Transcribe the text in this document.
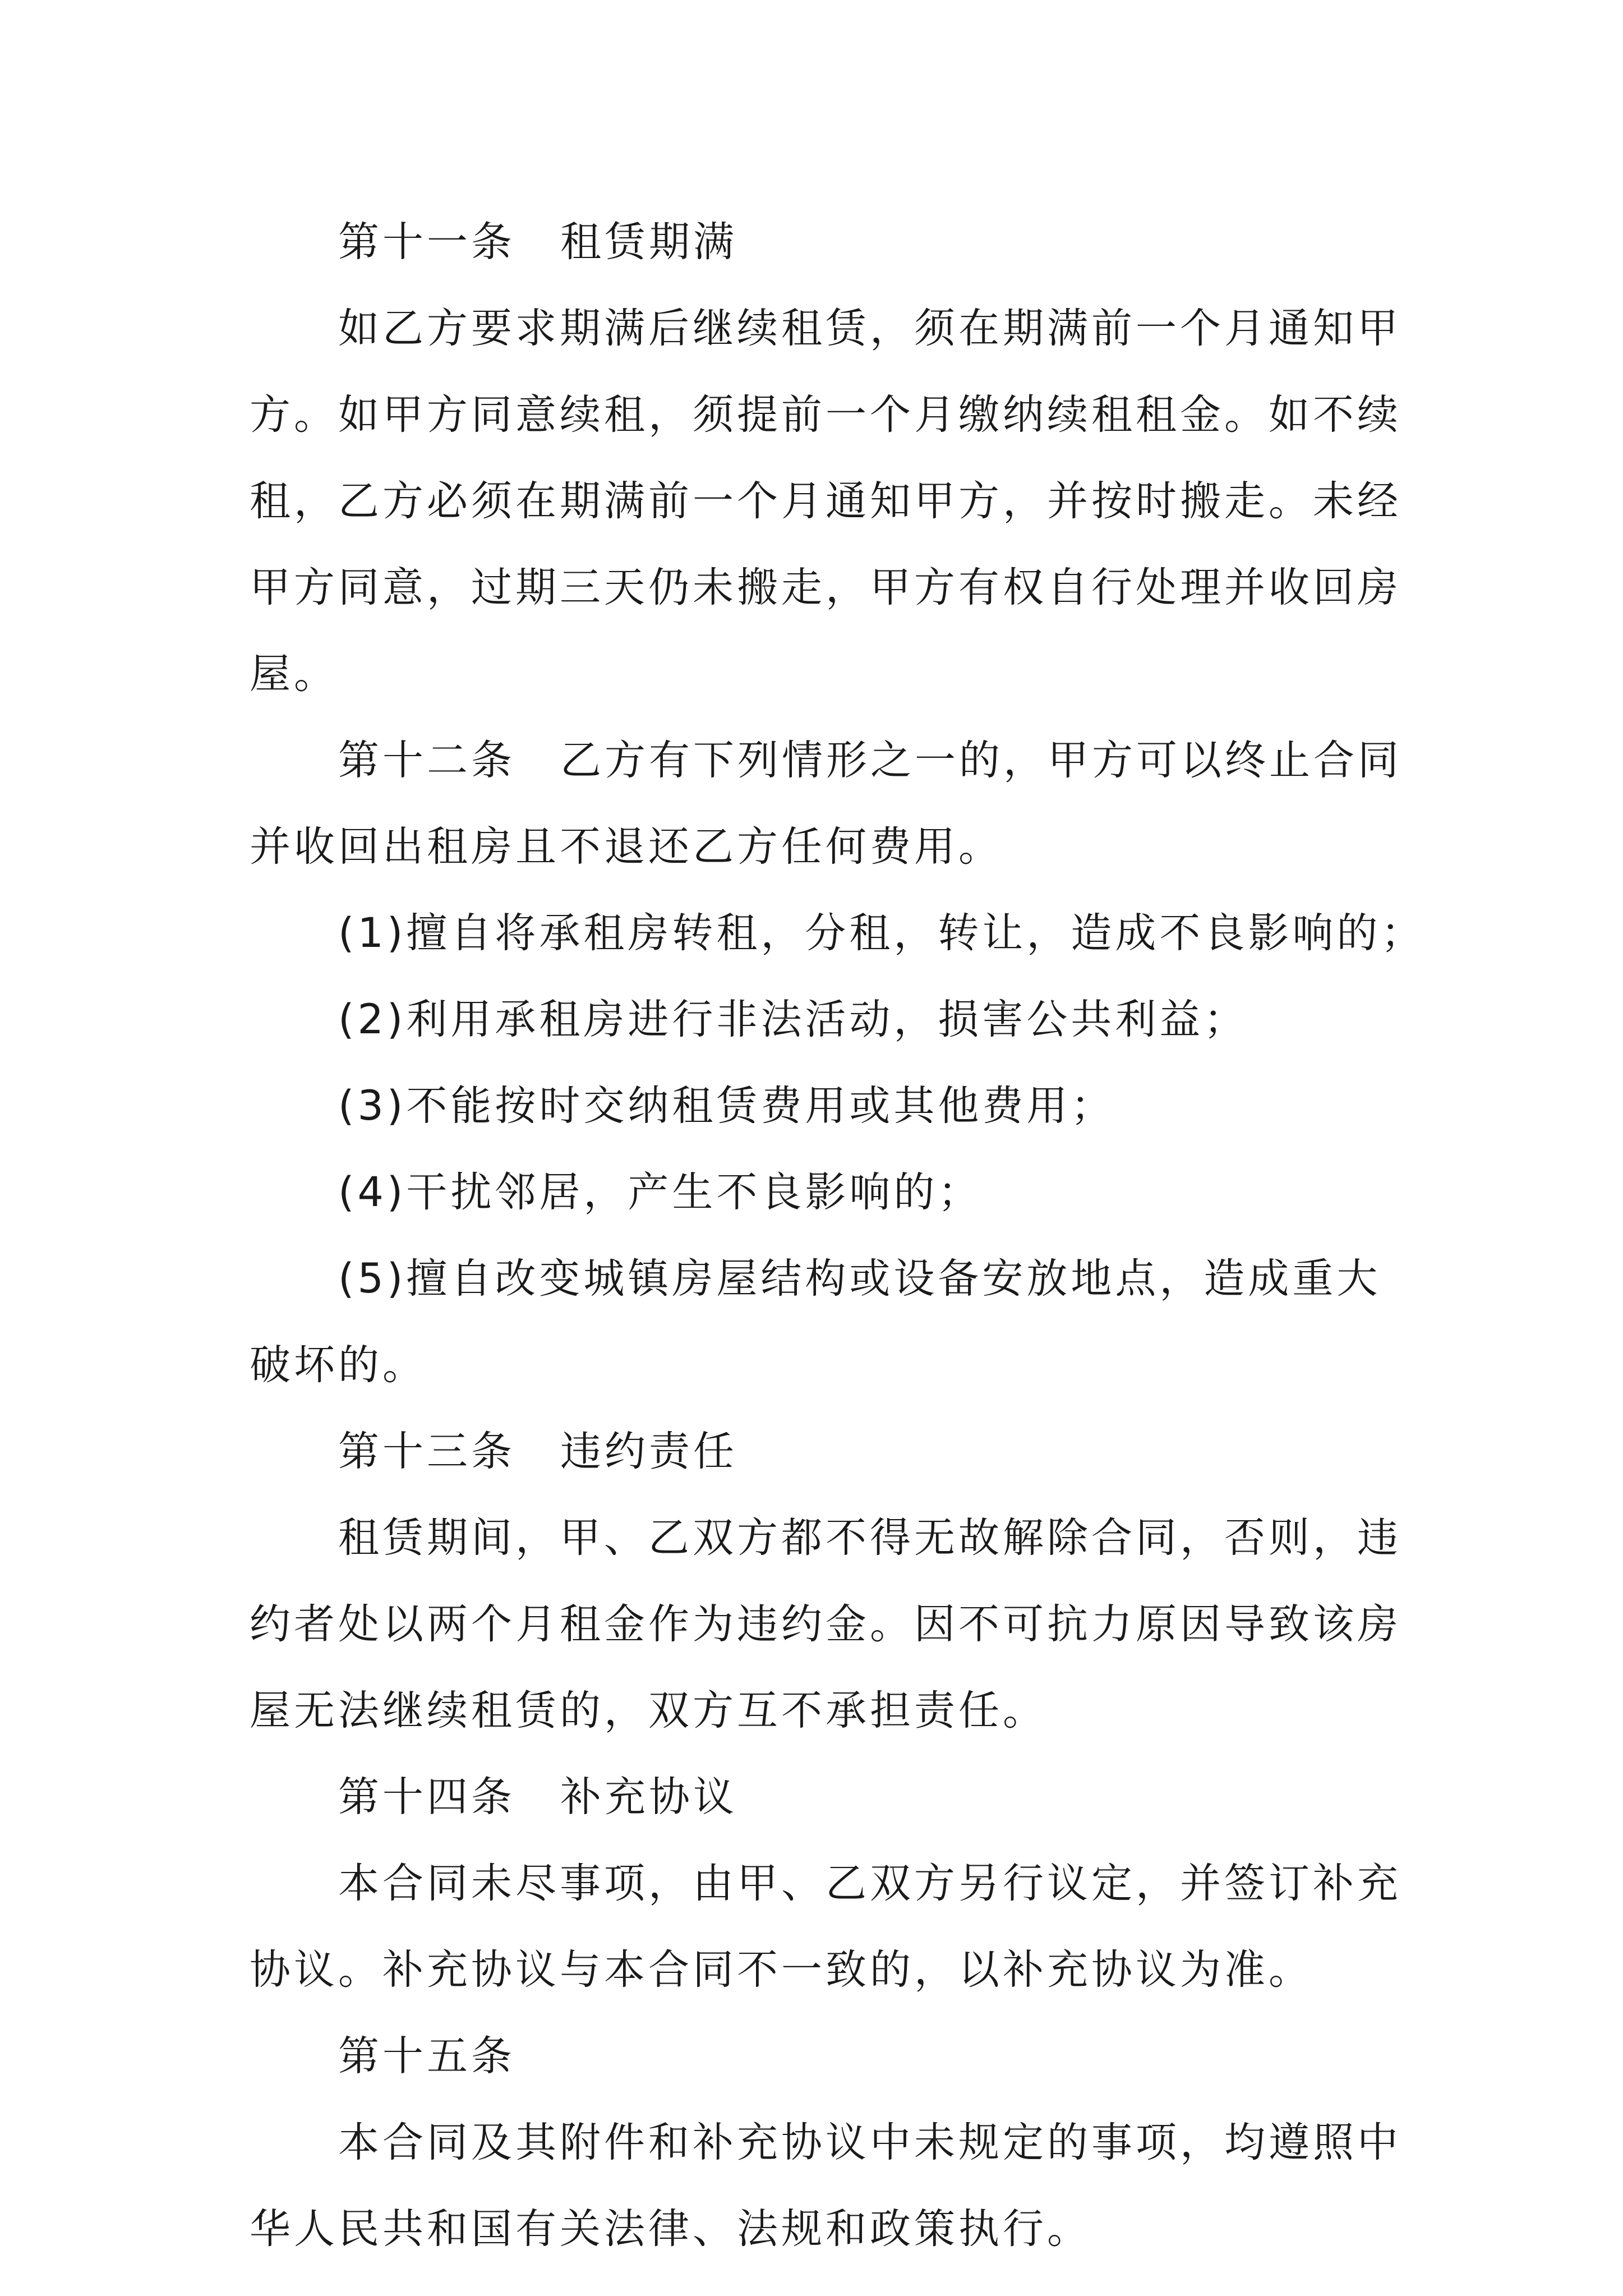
第十一条 租赁期满
如乙方要求期满后继续租赁，须在期满前一个月通知甲
方。如甲方同意续租，须提前一个月缴纳续租租金。如不续
租，乙方必须在期满前一个月通知甲方，并按时搬走。未经
甲方同意，过期三天仍未搬走，甲方有权自行处理并收回房
屋。
第十二条 乙方有下列情形之一的，甲方可以终止合同
并收回出租房且不退还乙方任何费用。
(1)擅自将承租房转租，分租，转让，造成不良影响的；
(2)利用承租房进行非法活动，损害公共利益；
(3)不能按时交纳租赁费用或其他费用；
(4)干扰邻居，产生不良影响的；
(5)擅自改变城镇房屋结构或设备安放地点，造成重大
破坏的。
第十三条 违约责任
租赁期间，甲、乙双方都不得无故解除合同，否则，违
约者处以两个月租金作为违约金。因不可抗力原因导致该房
屋无法继续租赁的，双方互不承担责任。
第十四条 补充协议
本合同未尽事项，由甲、乙双方另行议定，并签订补充
协议。补充协议与本合同不一致的，以补充协议为准。
第十五条
本合同及其附件和补充协议中未规定的事项，均遵照中
华人民共和国有关法律、法规和政策执行。
